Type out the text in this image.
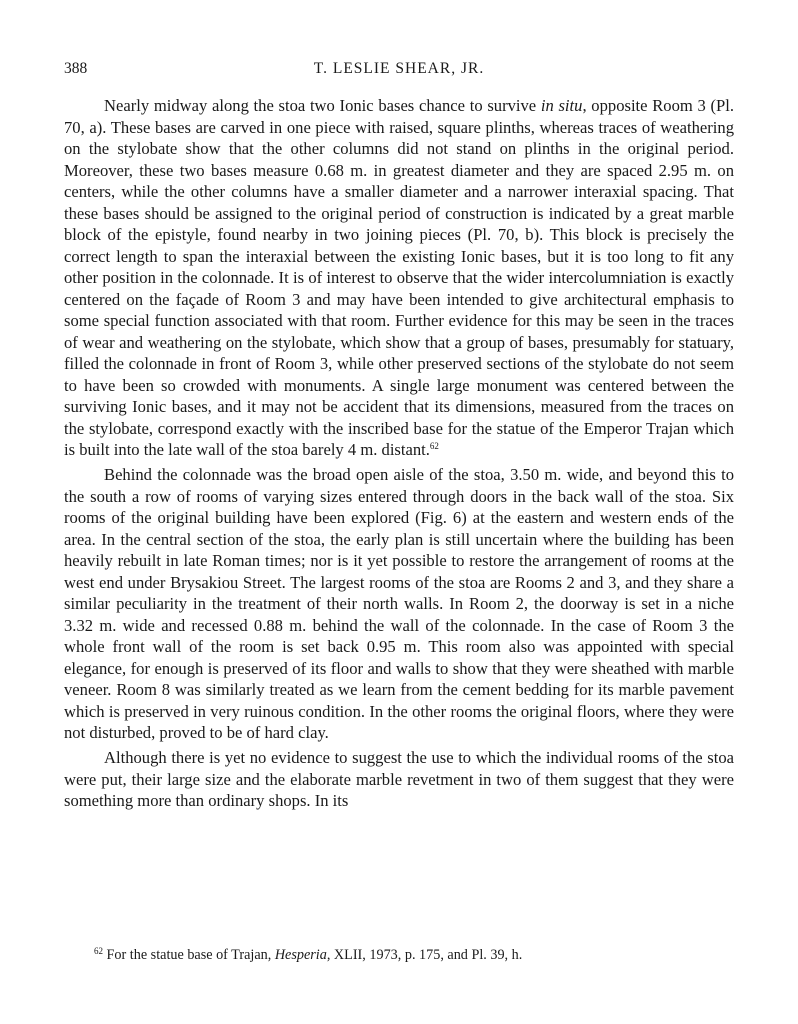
388	T. LESLIE SHEAR, JR.

Nearly midway along the stoa two Ionic bases chance to survive in situ, opposite Room 3 (Pl. 70, a). These bases are carved in one piece with raised, square plinths, whereas traces of weathering on the stylobate show that the other columns did not stand on plinths in the original period. Moreover, these two bases measure 0.68 m. in greatest diameter and they are spaced 2.95 m. on centers, while the other columns have a smaller diameter and a narrower interaxial spacing. That these bases should be assigned to the original period of construction is indicated by a great marble block of the epistyle, found nearby in two joining pieces (Pl. 70, b). This block is precisely the correct length to span the interaxial between the existing Ionic bases, but it is too long to fit any other position in the colonnade. It is of interest to observe that the wider intercolumniation is exactly centered on the façade of Room 3 and may have been intended to give architectural emphasis to some special function associated with that room. Further evidence for this may be seen in the traces of wear and weathering on the stylobate, which show that a group of bases, presumably for statuary, filled the colonnade in front of Room 3, while other preserved sections of the stylobate do not seem to have been so crowded with monuments. A single large monument was centered between the surviving Ionic bases, and it may not be accident that its dimensions, measured from the traces on the stylobate, correspond exactly with the inscribed base for the statue of the Emperor Trajan which is built into the late wall of the stoa barely 4 m. distant.$^{62}$

Behind the colonnade was the broad open aisle of the stoa, 3.50 m. wide, and beyond this to the south a row of rooms of varying sizes entered through doors in the back wall of the stoa. Six rooms of the original building have been explored (Fig. 6) at the eastern and western ends of the area. In the central section of the stoa, the early plan is still uncertain where the building has been heavily rebuilt in late Roman times; nor is it yet possible to restore the arrangement of rooms at the west end under Brysakiou Street. The largest rooms of the stoa are Rooms 2 and 3, and they share a similar peculiarity in the treatment of their north walls. In Room 2, the doorway is set in a niche 3.32 m. wide and recessed 0.88 m. behind the wall of the colonnade. In the case of Room 3 the whole front wall of the room is set back 0.95 m. This room also was appointed with special elegance, for enough is preserved of its floor and walls to show that they were sheathed with marble veneer. Room 8 was similarly treated as we learn from the cement bedding for its marble pavement which is preserved in very ruinous condition. In the other rooms the original floors, where they were not disturbed, proved to be of hard clay.

Although there is yet no evidence to suggest the use to which the individual rooms of the stoa were put, their large size and the elaborate marble revetment in two of them suggest that they were something more than ordinary shops. In its

$^{62}$ For the statue base of Trajan, Hesperia, XLII, 1973, p. 175, and Pl. 39, h.
